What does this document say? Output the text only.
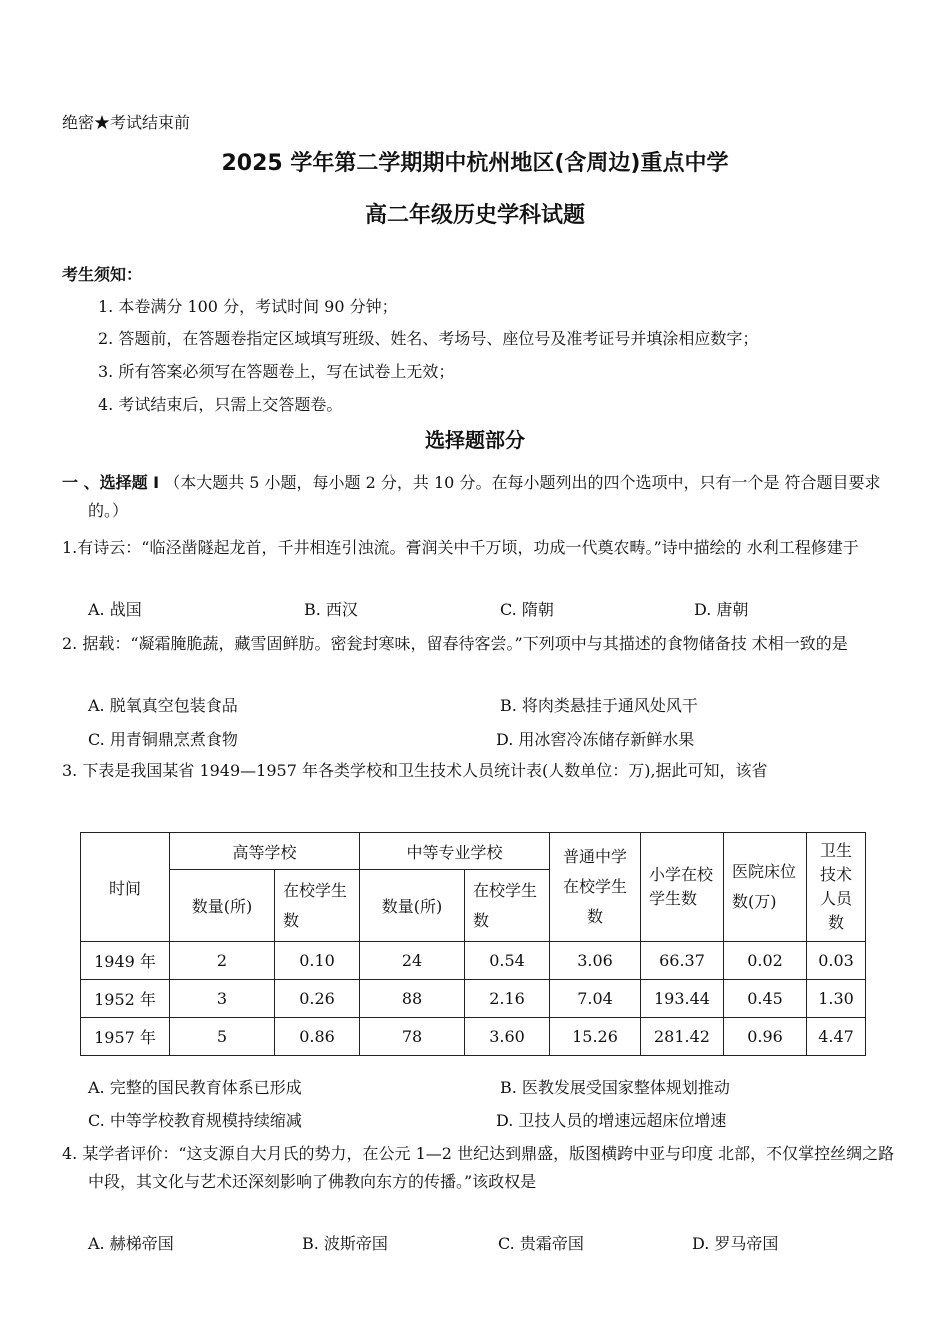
绝密★考试结束前
2025 学年第二学期期中杭州地区(含周边)重点中学
高二年级历史学科试题
考生须知：
1. 本卷满分 100 分，考试时间 90 分钟；
2. 答题前，在答题卷指定区域填写班级、姓名、考场号、座位号及准考证号并填涂相应数字；
3. 所有答案必须写在答题卷上，写在试卷上无效；
4. 考试结束后，只需上交答题卷。
选择题部分
一 、选择题 I （本大题共 5 小题，每小题 2 分，共 10 分。在每小题列出的四个选项中，只有一个是 符合题目要求的。）
1.有诗云：“临泾凿隧起龙首，千井相连引浊流。膏润关中千万顷，功成一代奠农畴。”诗中描绘的 水利工程修建于
A. 战国	B. 西汉	C. 隋朝	D. 唐朝
2. 据载：“凝霜腌脆蔬，藏雪固鲜肪。密瓮封寒味，留春待客尝。”下列项中与其描述的食物储备技 术相一致的是
A. 脱氧真空包装食品	B. 将肉类悬挂于通风处风干
C. 用青铜鼎烹煮食物	D. 用冰窖冷冻储存新鲜水果
3. 下表是我国某省 1949—1957 年各类学校和卫生技术人员统计表(人数单位：万),据此可知，该省
时间	高等学校		中等专业学校		普通中学在校学生数	小学在校学生数	医院床位数(万)	卫生技术人员数
	数量(所)	在校学生数	数量(所)	在校学生数				
1949 年	2	0.10	24	0.54	3.06	66.37	0.02	0.03
1952 年	3	0.26	88	2.16	7.04	193.44	0.45	1.30
1957 年	5	0.86	78	3.60	15.26	281.42	0.96	4.47
A. 完整的国民教育体系已形成	B. 医教发展受国家整体规划推动
C. 中等学校教育规模持续缩减	D. 卫技人员的增速远超床位增速
4. 某学者评价：“这支源自大月氏的势力，在公元 1—2 世纪达到鼎盛，版图横跨中亚与印度 北部，不仅掌控丝绸之路中段，其文化与艺术还深刻影响了佛教向东方的传播。”该政权是
A. 赫梯帝国	B. 波斯帝国	C. 贵霜帝国	D. 罗马帝国
